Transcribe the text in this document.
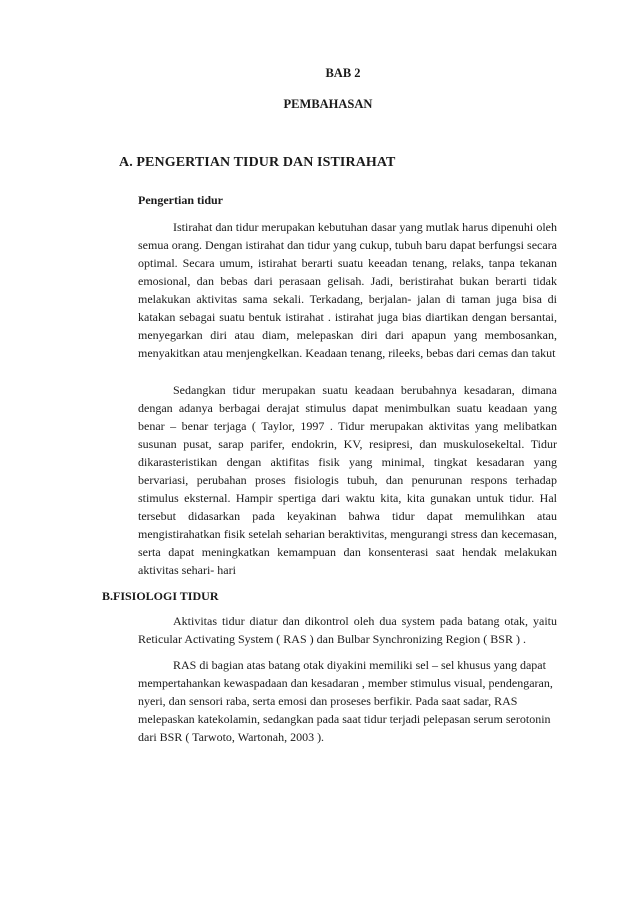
BAB 2
PEMBAHASAN
A. PENGERTIAN TIDUR DAN ISTIRAHAT
Pengertian tidur

Istirahat dan tidur merupakan kebutuhan dasar yang mutlak harus dipenuhi oleh semua orang. Dengan istirahat dan tidur yang cukup, tubuh baru dapat berfungsi secara optimal. Secara umum, istirahat berarti suatu keeadan tenang, relaks, tanpa tekanan emosional, dan bebas dari perasaan gelisah. Jadi, beristirahat bukan berarti tidak melakukan aktivitas sama sekali. Terkadang, berjalan- jalan di taman juga bisa di katakan sebagai suatu bentuk istirahat . istirahat juga bias diartikan dengan bersantai, menyegarkan diri atau diam, melepaskan diri dari apapun yang membosankan, menyakitkan atau menjengkelkan. Keadaan tenang, rileeks, bebas dari cemas dan takut

Sedangkan tidur merupakan suatu keadaan berubahnya kesadaran, dimana dengan adanya berbagai derajat stimulus dapat menimbulkan suatu keadaan yang benar – benar terjaga ( Taylor, 1997 . Tidur merupakan aktivitas yang melibatkan susunan pusat, sarap parifer, endokrin, KV, resipresi, dan muskulosekeltal. Tidur dikarasteristikan dengan aktifitas fisik yang minimal, tingkat kesadaran yang bervariasi, perubahan proses fisiologis tubuh, dan penurunan respons terhadap stimulus eksternal. Hampir spertiga dari waktu kita, kita gunakan untuk tidur. Hal tersebut didasarkan pada keyakinan bahwa tidur dapat memulihkan atau mengistirahatkan fisik setelah seharian beraktivitas, mengurangi stress dan kecemasan, serta dapat meningkatkan kemampuan dan konsenterasi saat hendak melakukan aktivitas sehari- hari

B.FISIOLOGI TIDUR

Aktivitas tidur diatur dan dikontrol oleh dua system pada batang otak, yaitu Reticular Activating System ( RAS ) dan Bulbar Synchronizing Region ( BSR ) .

RAS di bagian atas batang otak diyakini memiliki sel – sel khusus yang dapat mempertahankan kewaspadaan dan kesadaran , member stimulus visual, pendengaran, nyeri, dan sensori raba, serta emosi dan proseses berfikir. Pada saat sadar, RAS melepaskan katekolamin, sedangkan pada saat tidur terjadi pelepasan serum serotonin dari BSR ( Tarwoto, Wartonah, 2003 ).
